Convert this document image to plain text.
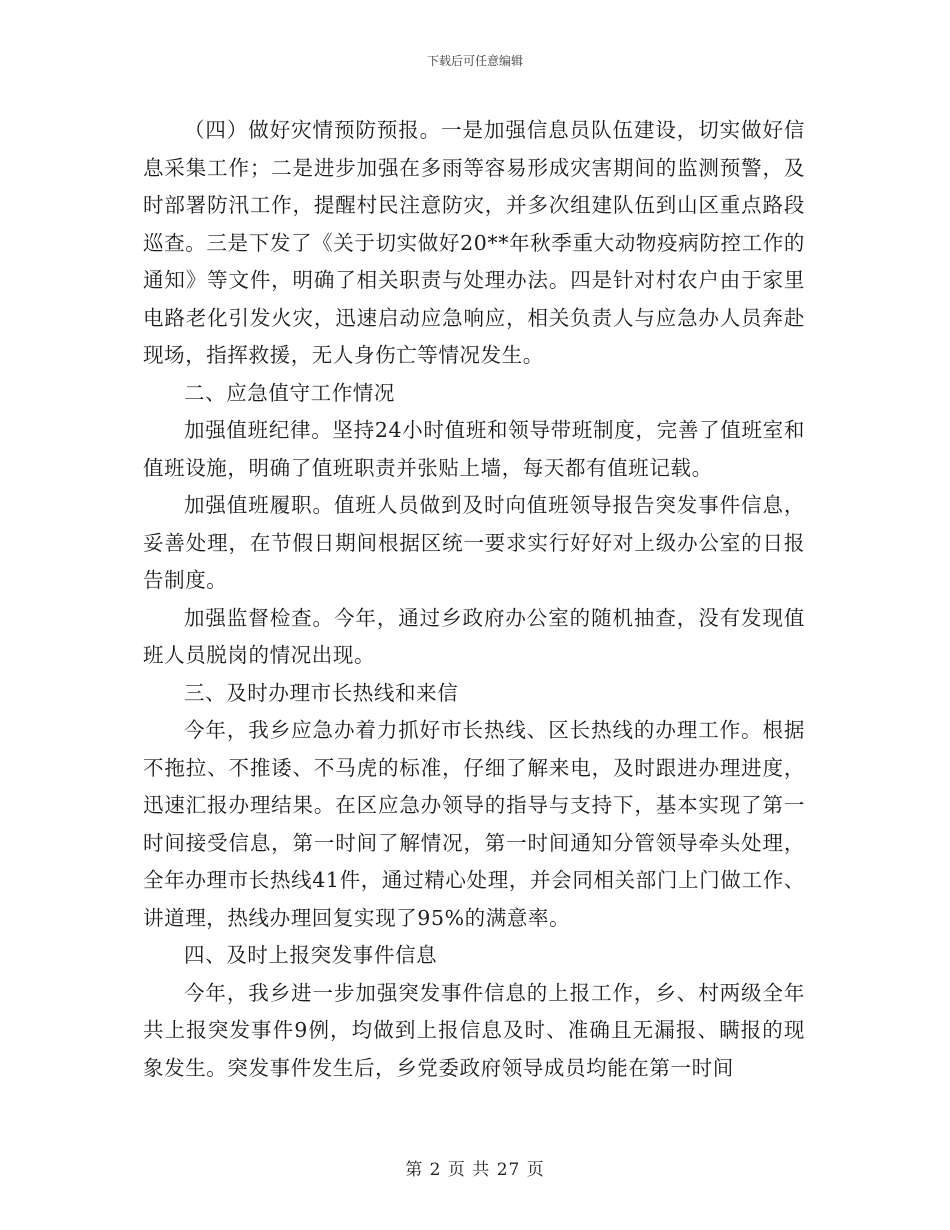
下载后可任意编辑

（四）做好灾情预防预报。一是加强信息员队伍建设，切实做好信息采集工作；二是进步加强在多雨等容易形成灾害期间的监测预警，及时部署防汛工作，提醒村民注意防灾，并多次组建队伍到山区重点路段巡查。三是下发了《关于切实做好20**年秋季重大动物疫病防控工作的通知》等文件，明确了相关职责与处理办法。四是针对村农户由于家里电路老化引发火灾，迅速启动应急响应，相关负责人与应急办人员奔赴现场，指挥救援，无人身伤亡等情况发生。

二、应急值守工作情况

加强值班纪律。坚持24小时值班和领导带班制度，完善了值班室和值班设施，明确了值班职责并张贴上墙，每天都有值班记载。

加强值班履职。值班人员做到及时向值班领导报告突发事件信息，妥善处理，在节假日期间根据区统一要求实行好好对上级办公室的日报告制度。

加强监督检查。今年，通过乡政府办公室的随机抽查，没有发现值班人员脱岗的情况出现。

三、及时办理市长热线和来信

今年，我乡应急办着力抓好市长热线、区长热线的办理工作。根据不拖拉、不推诿、不马虎的标准，仔细了解来电，及时跟进办理进度，迅速汇报办理结果。在区应急办领导的指导与支持下，基本实现了第一时间接受信息，第一时间了解情况，第一时间通知分管领导牵头处理，全年办理市长热线41件，通过精心处理，并会同相关部门上门做工作、讲道理，热线办理回复实现了95%的满意率。

四、及时上报突发事件信息

今年，我乡进一步加强突发事件信息的上报工作，乡、村两级全年共上报突发事件9例，均做到上报信息及时、准确且无漏报、瞒报的现象发生。突发事件发生后，乡党委政府领导成员均能在第一时间

第 2 页 共 27 页
